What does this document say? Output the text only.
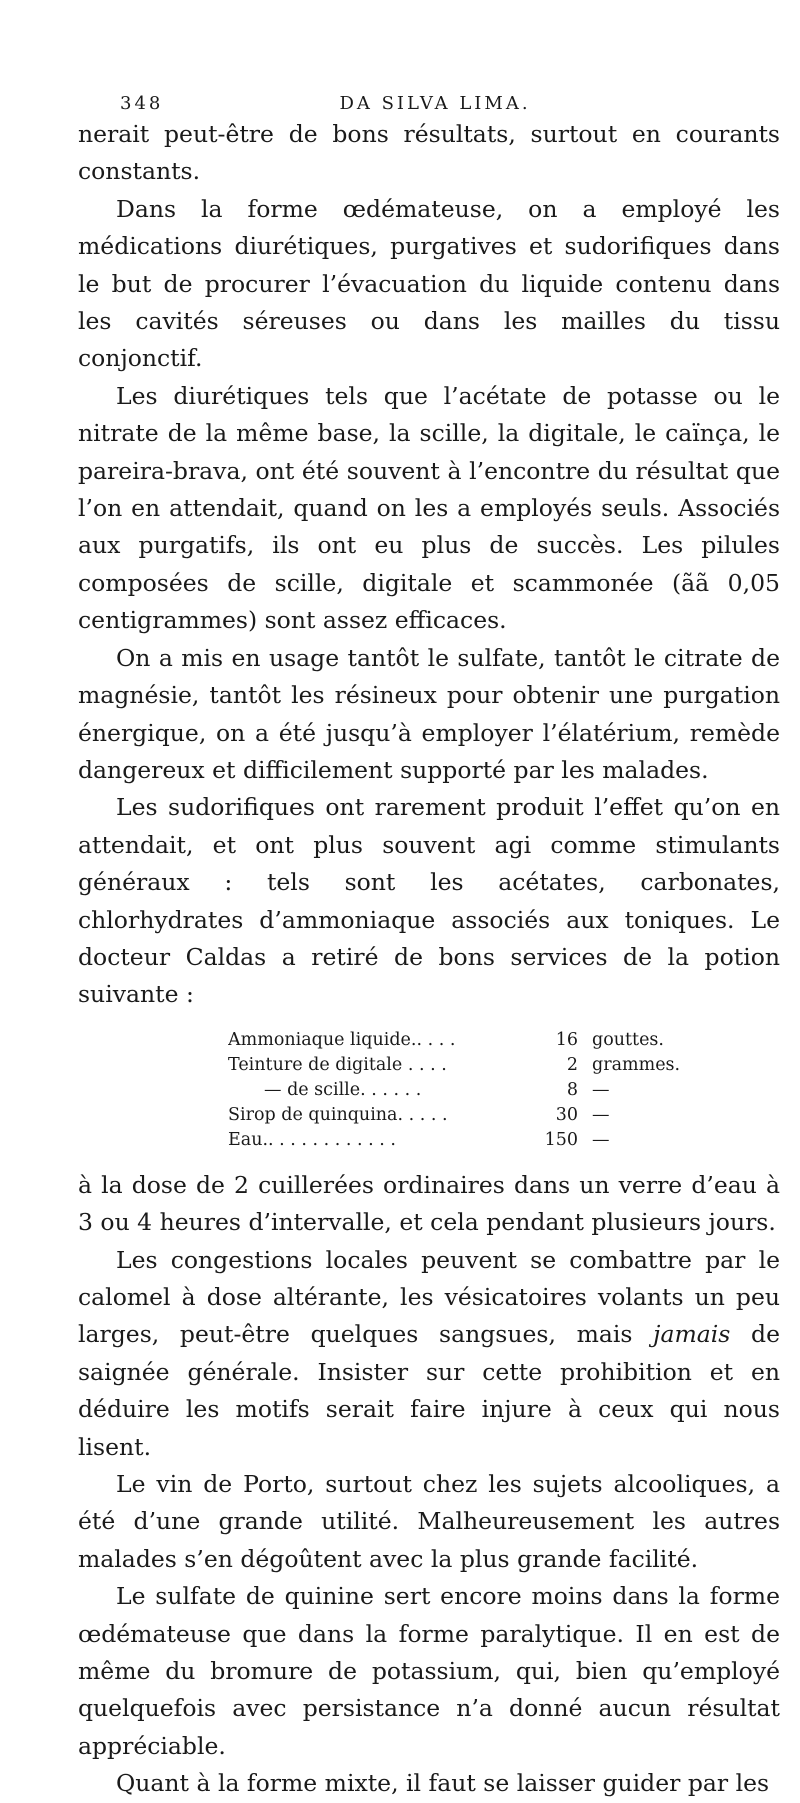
348	DA SILVA LIMA.

nerait peut-être de bons résultats, surtout en courants constants.

Dans la forme œdémateuse, on a employé les médications diurétiques, purgatives et sudorifiques dans le but de procurer l’évacuation du liquide contenu dans les cavités séreuses ou dans les mailles du tissu conjonctif.

Les diurétiques tels que l’acétate de potasse ou le nitrate de la même base, la scille, la digitale, le caïnça, le pareira-brava, ont été souvent à l’encontre du résultat que l’on en attendait, quand on les a employés seuls. Associés aux purgatifs, ils ont eu plus de succès. Les pilules composées de scille, digitale et scammonée (ãã 0,05 centigrammes) sont assez efficaces.

On a mis en usage tantôt le sulfate, tantôt le citrate de magnésie, tantôt les résineux pour obtenir une purgation énergique, on a été jusqu’à employer l’élatérium, remède dangereux et difficilement supporté par les malades.

Les sudorifiques ont rarement produit l’effet qu’on en attendait, et ont plus souvent agi comme stimulants généraux : tels sont les acétates, carbonates, chlorhydrates d’ammoniaque associés aux toniques. Le docteur Caldas a retiré de bons services de la potion suivante :

Ammoniaque liquide.. . . .	16 gouttes.
Teinture de digitale . . . .	2 grammes.
— de scille. . . . . .	8 —
Sirop de quinquina. . . . .	30 —
Eau.. . . . . . . . . . . .	150 —

à la dose de 2 cuillerées ordinaires dans un verre d’eau à 3 ou 4 heures d’intervalle, et cela pendant plusieurs jours.

Les congestions locales peuvent se combattre par le calomel à dose altérante, les vésicatoires volants un peu larges, peut-être quelques sangsues, mais jamais de saignée générale. Insister sur cette prohibition et en déduire les motifs serait faire injure à ceux qui nous lisent.

Le vin de Porto, surtout chez les sujets alcooliques, a été d’une grande utilité. Malheureusement les autres malades s’en dégoûtent avec la plus grande facilité.

Le sulfate de quinine sert encore moins dans la forme œdémateuse que dans la forme paralytique. Il en est de même du bromure de potassium, qui, bien qu’employé quelquefois avec persistance n’a donné aucun résultat appréciable.

Quant à la forme mixte, il faut se laisser guider par les
